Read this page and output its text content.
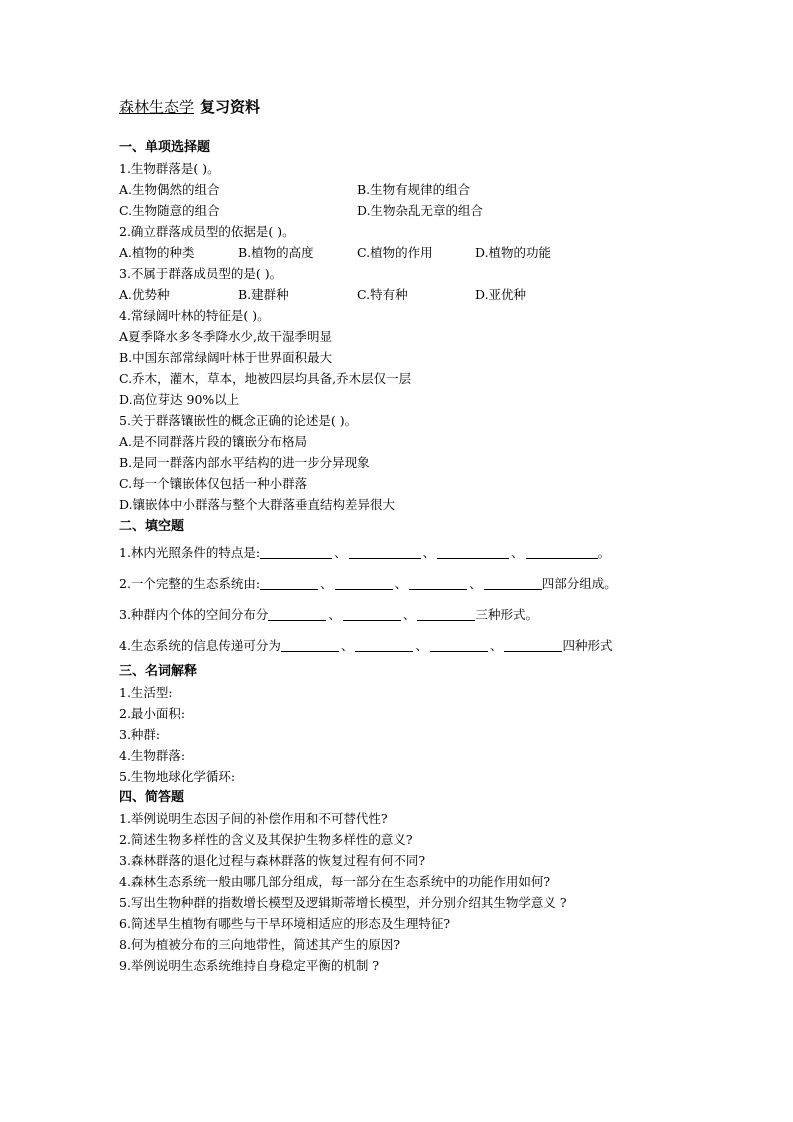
森林生态学 复习资料
一、单项选择题
1.生物群落是( )。
A.生物偶然的组合	B.生物有规律的组合
C.生物随意的组合	D.生物杂乱无章的组合
2.确立群落成员型的依据是( )。
A.植物的种类	B.植物的高度	C.植物的作用	D.植物的功能
3.不属于群落成员型的是( )。
A.优势种	B.建群种	C.特有种	D.亚优种
4.常绿阔叶林的特征是( )。
A夏季降水多冬季降水少,故干湿季明显
B.中国东部常绿阔叶林于世界面积最大
C.乔木，灌木，草本，地被四层均具备,乔木层仅一层
D.高位芽达 90%以上
5.关于群落镶嵌性的概念正确的论述是( )。
A.是不同群落片段的镶嵌分布格局
B.是同一群落内部水平结构的进一步分异现象
C.每一个镶嵌体仅包括一种小群落
D.镶嵌体中小群落与整个大群落垂直结构差异很大
二、填空题
1.林内光照条件的特点是:	、	、	、	。
2.一个完整的生态系统由:	、	、	、	四部分组成。
3.种群内个体的空间分布分	、	、	三种形式。
4.生态系统的信息传递可分为	、	、	、	四种形式
三、名词解释
1.生活型:
2.最小面积:
3.种群:
4.生物群落:
5.生物地球化学循环:
四、简答题
1.举例说明生态因子间的补偿作用和不可替代性?
2.简述生物多样性的含义及其保护生物多样性的意义?
3.森林群落的退化过程与森林群落的恢复过程有何不同?
4.森林生态系统一般由哪几部分组成，每一部分在生态系统中的功能作用如何?
5.写出生物种群的指数增长模型及逻辑斯蒂增长模型，并分别介绍其生物学意义 ?
6.简述旱生植物有哪些与干旱环境相适应的形态及生理特征?
8.何为植被分布的三向地带性，简述其产生的原因?
9.举例说明生态系统维持自身稳定平衡的机制 ?
